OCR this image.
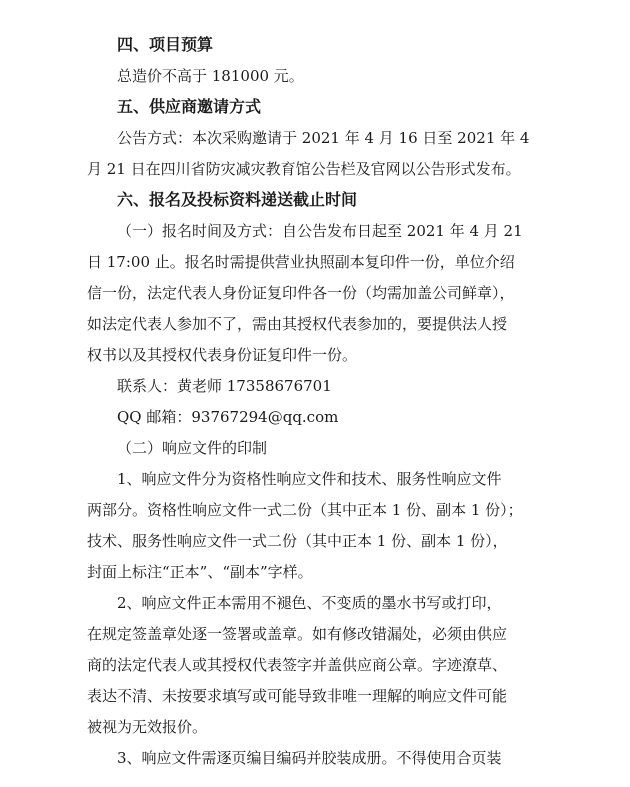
四、项目预算
总造价不高于 181000 元。
五、供应商邀请方式
公告方式：本次采购邀请于 2021 年 4 月 16 日至 2021 年 4
月 21 日在四川省防灾减灾教育馆公告栏及官网以公告形式发布。
六、报名及投标资料递送截止时间
（一）报名时间及方式：自公告发布日起至 2021 年 4 月 21
日 17:00 止。报名时需提供营业执照副本复印件一份，单位介绍
信一份，法定代表人身份证复印件各一份（均需加盖公司鲜章），
如法定代表人参加不了，需由其授权代表参加的，要提供法人授
权书以及其授权代表身份证复印件一份。
联系人：黄老师 17358676701
QQ 邮箱：93767294@qq.com
（二）响应文件的印制
1、响应文件分为资格性响应文件和技术、服务性响应文件
两部分。资格性响应文件一式二份（其中正本 1 份、副本 1 份）；
技术、服务性响应文件一式二份（其中正本 1 份、副本 1 份），
封面上标注“正本”、“副本”字样。
2、响应文件正本需用不褪色、不变质的墨水书写或打印，
在规定签盖章处逐一签署或盖章。如有修改错漏处，必须由供应
商的法定代表人或其授权代表签字并盖供应商公章。字迹潦草、
表达不清、未按要求填写或可能导致非唯一理解的响应文件可能
被视为无效报价。
3、响应文件需逐页编目编码并胶装成册。不得使用合页装
